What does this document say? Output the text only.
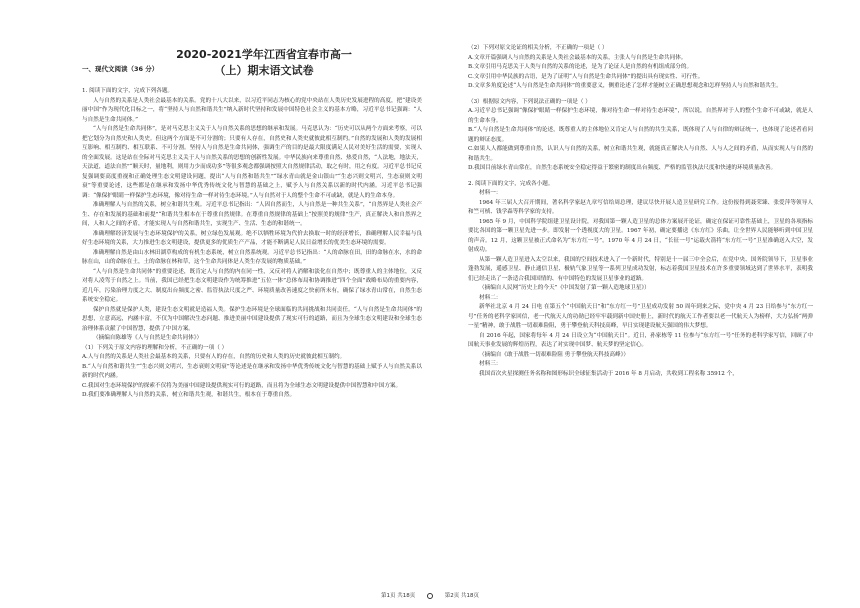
2020-2021学年江西省宜春市高一（上）期末语文试卷
一、现代文阅读（36 分）

1. 阅读下面的文字，完成下列各题。

人与自然的关系是人类社会最基本的关系。党的十八大以来，以习近平同志为核心的党中央站在人类历史发展进程的高度，把“建设美丽中国”作为现代化目标之一，将“坚持人与自然和谐共生”纳入新时代坚持和发展中国特色社会主义的基本方略，习近平总书记强调：“人与自然是生命共同体。”

“人与自然是生命共同体”，是对马克思主义关于人与自然关系的思想的继承和发展。马克思认为：“历史可以从两个方面来考察，可以把它划分为自然史和人类史。但这两个方面是不可分割的；只要有人存在，自然史和人类史就彼此相互制约。”自然的发展和人类的发展相互影响、相互制约、相互联系、不可分割。坚持人与自然是生命共同体，强调生产的目的是最大限度满足人民对美好生活的需要，实现人的全面发展。这是站在全际对马克思主义关于人与自然关系的思想的创新性发展。中华民族向来尊重自然、热爱自然，“人法地，地法天，天法道，道法自然”“顺天时，量地利，则用力少而成功多”等很多观念都强调按照大自然规律活动，取之有时，用之有度。习近平总书记反复强调要高度重视和正确处理生态文明建设问题，提出“人与自然和谐共生”“绿水青山就是金山银山”“生态兴则文明兴，生态衰则文明衰”等重要论述，这些都是在继承和发扬中华优秀传统文化与智慧的基础之上，赋予人与自然关系以新的时代内涵。习近平总书记强调：“像保护眼睛一样保护生态环境，像对待生命一样对待生态环境。”人与自然对于人的整个生命不可或缺，就是人的生命本身。

准确理解人与自然的关系，树立和谐共生观。习近平总书记指出：“人因自然而生，人与自然是一种共生关系”，“自然界是人类社会产生、存在和发展的基础和前提”“和谐共生相本在于尊重自然规律。在尊重自然规律的基础上“按照美的规律”生产，真正解决人和自然界之间，人和人之间的矛盾，才能实现人与自然和谐共生，实现生产、生活、生态的和谐统一。

准确理解经济发展与生态环境保护的关系，树立绿色发展观。绝不以牺牲环境为代价去换取一时的经济增长，准确理解人民幸福与良好生态环境的关系，大力推进生态文明建设，提供更多的优质生产产品，才能不断满足人民日益增长的优美生态环境的需要。

准确理解自然是由山水林田湖草构成的有机生态系统，树立自然系统观。习近平总书记指出：“人的命脉在田，田的命脉在水，水的命脉在山，山的命脉在土，土的命脉在林和草，这个生命共同体是人类生存发展的物质基础。”

“人与自然是生命共同体”的重要论述，既肯定人与自然的内在同一性，又反对将人消解和淡化在自然中；既尊重人的主体地位，又反对将人凌驾于自然之上。当前，我国已经把生态文明建设作为统筹推进“五位一体”总体布局和协调推进“四个全面”战略布局的重要内容，近几年，污染治理力度之大、制度出台频度之密、监管执法尺度之严、环境质量改善速度之快前所未有，确保了绿水青山常在，自然生态系统安全稳定。

保护自然就是保护人类，建设生态文明就是造福人类。保护生态环境是全球面临的共同挑战和共同责任。“人与自然是生命共同体”的思想，立意高远，内涵丰富，不仅为中国解决生态问题、推进美丽中国建设提供了现实可行的道路，而且为全球生态文明建设和全球生态治理体系贡献了中国智慧，提供了中国方案。

（摘编自陈雄等《人与自然是生命共同体》）

（1）下列关于原文内容的理解和分析，不正确的一项（ ）

A.人与自然的关系是人类社会最基本的关系，只要有人的存在，自然的历史和人类的历史就彼此相互制约。

B.“人与自然和谐共生”“生态兴则文明兴，生态衰则文明衰”等论述是在继承和发扬中华优秀传统文化与智慧的基础上赋予人与自然关系以新的时代内涵。

C.我国对生态环境保护的探索不仅将为美丽中国建设提供现实可行的道路，而且将为全球生态文明建设提供中国智慧和中国方案。

D.我们要准确理解人与自然的关系，树立和谐共生观，和谐共生，根本在于尊重自然。

（2）下列对原文论证的相关分析，不正确的一项是（ ）

A.文章开篇强调人与自然的关系是人类社会最基本的关系，主张人与自然是生命共同体。

B.文章引用马克思关于人类与自然的关系的论述，是为了论证人是自然的有机组成部分的。

C.文章引用中华民族的古语，是为了证明“人与自然是生命共同体”的提出具有现实性、可行性。

D.文章多角度论述“人与自然是生命共同体”的重要意义，侧重论述了怎样才能树立正确思想观念和怎样坚持人与自然和谐共生。

（3）根据原文内容，下列说法正确的一项是（ ）

A.习近平总书记强调“像保护眼睛一样保护生态环境，像对待生命一样对待生态环境”，所以说，自然界对于人的整个生命不可或缺，就是人的生命本身。

B.“人与自然是生命共同体”的论述，既尊重人的主体地位又肯定人与自然的共生关系，既体现了人与自律的辩证统一，也体现了论述者看问题的辩证态度。

C.如果人人都能做到尊重自然，认识人与自然的关系，树立和谐共生观，就能真正解决人与自然、人与人之间的矛盾，从而实现人与自然的和谐共生。

D.我国目前绿水青山常在，自然生态系统安全稳定得益于繁密的制度出台频度、严格的监管执法尺度和快速的环境质量改善。

2. 阅读下面的文字，完成各小题。

材料一：

1964 年三届人大召开期间，著名科学家赵九章写信给周总理，建议尽快开展人造卫星研究工作。这份报得到聂荣臻、张爱萍等领导人和竺可桢、钱学森等科学家的支持。

1965 年 9 月，中国科学院组建卫星设计院，对我国第一颗人造卫星的总体方案展开论证，确定在保证可靠性基础上，卫星的各项指标要比各国的第一颗卫星先进一步。即发射一个透视度大的卫星。1967 年初，确定要播送《东方红》乐曲，让全世界人民能够听到中国卫星的声音。12 月，这颗卫星被正式命名为“东方红一号”。1970 年 4 月 24 日，“长征一号”运载火箭将“东方红一号”卫星准确送入大空，发射成功。

从第一颗人造卫星进入太空以来，我国的空间技术进入了一个新时代，特别是十一届三中全会后，在党中央、国务院领导下，卫星事业蓬勃发展，遥感卫星、静止通信卫星、极轨气象卫星等一系列卫星成功发射，标志着我国卫星技术在许多重要领域达到了世界水平，表明我们已经走出了一条适合我国国情的、有中国特色的发展卫星事业的道路。

（摘编自人民网“历史上的今天”《中国发射了第一颗人造地球卫星》）

材料二：

新华社北京 4 月 24 日电 在第五个“中国航天日”和“东方红一号”卫星成功发射 50 周年到来之际，党中央 4 月 23 日给参与“东方红一号”任务的老科学家回信，老一代航天人的功勋已经牢牢载到新中国史册上，新时代的航天工作者要以老一代航天人为榜样，大力弘扬“两弹一星”精神，敢于战胜一切艰难险阻，勇于攀登航天科技高峰，早日实现建设航天强国的伟大梦想。

自 2016 年起，国家将每年 4 月 24 日设立为“中国航天日”。近日，孙家栋等 11 位参与“东方红一号”任务的老科学家写信，回顾了中国航天事业发展的辉煌历程，表达了对实现中国梦、航天梦的坚定信心。

（摘编自《敢于战胜一切艰难险阻 勇于攀登航天科技高峰》）

材料三：

我国首次火星探测任务名称和图形标识全球征集活动于 2016 年 8 月启动，共收到工程名称 35912 个，

第1页 共18页	第2页 共18页
